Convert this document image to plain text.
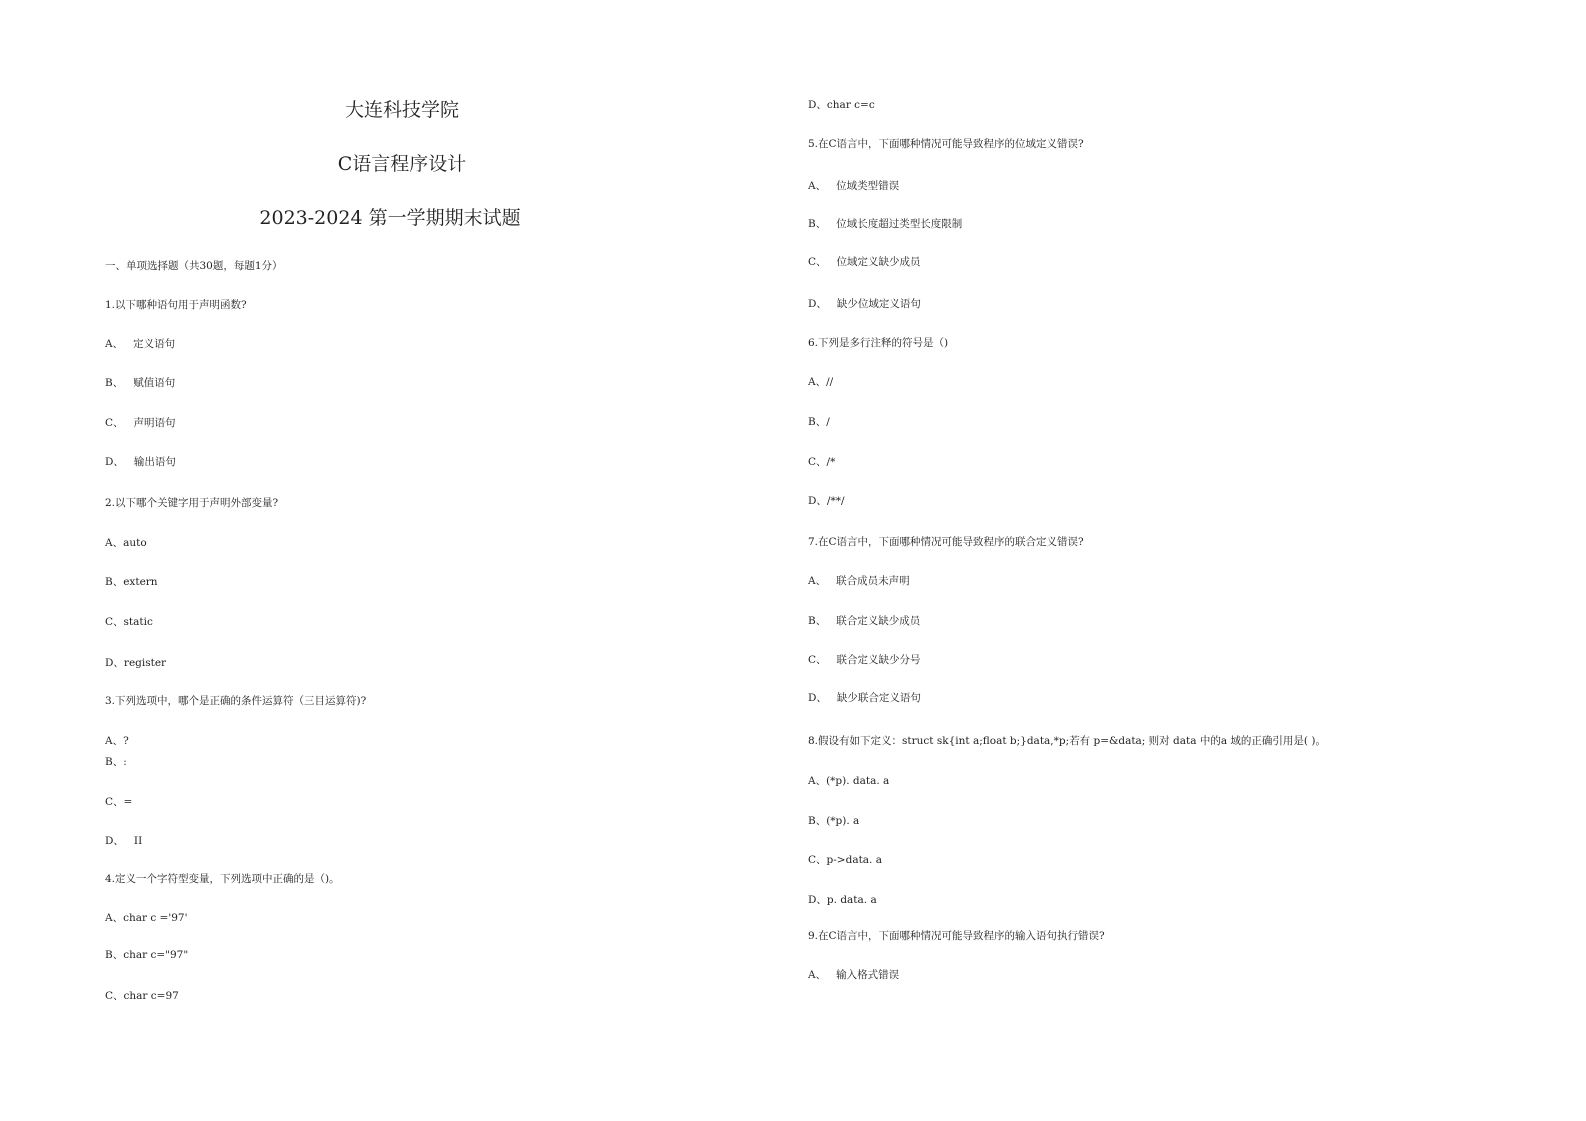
大连科技学院
C语言程序设计
2023-2024 第一学期期末试题
一、单项选择题（共30题，每题1分）
1.以下哪种语句用于声明函数?
A、   定义语句
B、   赋值语句
C、   声明语句
D、   输出语句
2.以下哪个关键字用于声明外部变量?
A、auto
B、extern
C、static
D、register
3.下列选项中，哪个是正确的条件运算符（三目运算符)?
A、?
B、:
C、=
D、   II
4.定义一个字符型变量，下列选项中正确的是（)。
A、char c ='97'
B、char c="97"
C、char c=97
D、char c=c
5.在C语言中，下面哪种情况可能导致程序的位域定义错误?
A、   位域类型错误
B、   位域长度超过类型长度限制
C、   位域定义缺少成员
D、   缺少位域定义语句
6.下列是多行注释的符号是（)
A、//
B、/
C、/*
D、/**/
7.在C语言中，下面哪种情况可能导致程序的联合定义错误?
A、   联合成员未声明
B、   联合定义缺少成员
C、   联合定义缺少分号
D、   缺少联合定义语句
8.假设有如下定义：struct sk{int a;float b;}data,*p;若有 p=&data; 则对 data 中的a 域的正确引用是( )。
A、(*p). data. a
B、(*p). a
C、p->data. a
D、p. data. a
9.在C语言中，下面哪种情况可能导致程序的输入语句执行错误?
A、   输入格式错误
